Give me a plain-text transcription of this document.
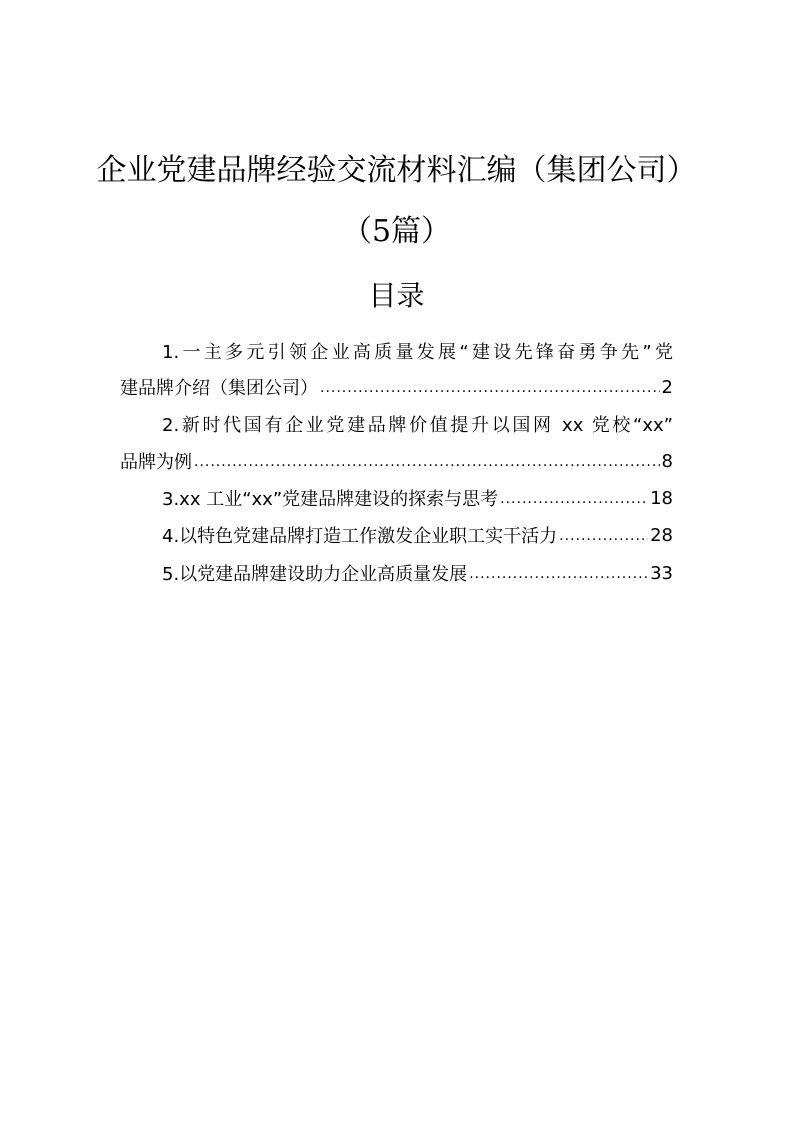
企业党建品牌经验交流材料汇编（集团公司）
（5篇）
目录
1.一主多元引领企业高质量发展“建设先锋奋勇争先”党
建品牌介绍（集团公司） .....	2
2.新时代国有企业党建品牌价值提升以国网 xx 党校“xx”
品牌为例 .....	8
3.xx 工业“xx”党建品牌建设的探索与思考 .....	18
4.以特色党建品牌打造工作激发企业职工实干活力 .....	28
5.以党建品牌建设助力企业高质量发展 .....	33
